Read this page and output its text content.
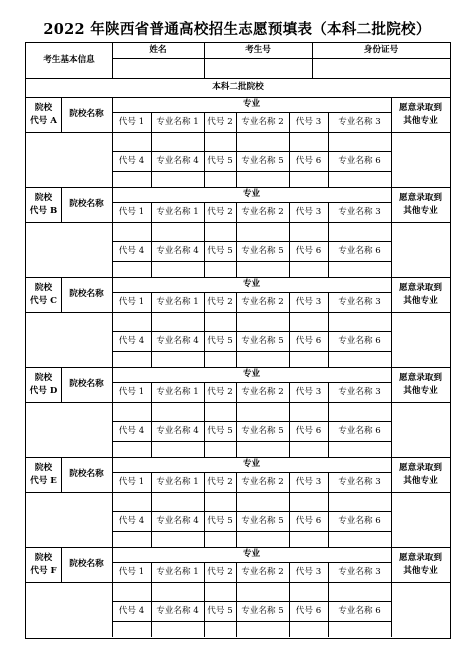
2022 年陕西省普通高校招生志愿预填表（本科二批院校）
考生基本信息
姓名	考生号	身份证号
本科二批院校
院校
代号 A
院校名称
专业	愿意录取到
其他专业
代号 1	专业名称 1 代号 2 专业名称 2	代号 3	专业名称 3
代号 4	专业名称 4 代号 5 专业名称 5	代号 6	专业名称 6
院校
代号 B
院校名称
专业	愿意录取到
其他专业
代号 1	专业名称 1 代号 2 专业名称 2	代号 3	专业名称 3
代号 4	专业名称 4 代号 5 专业名称 5	代号 6	专业名称 6
院校
代号 C
院校名称
专业	愿意录取到
其他专业
代号 1	专业名称 1 代号 2 专业名称 2	代号 3	专业名称 3
代号 4	专业名称 4 代号 5 专业名称 5	代号 6	专业名称 6
院校
代号 D
院校名称
专业	愿意录取到
其他专业
代号 1	专业名称 1 代号 2 专业名称 2	代号 3	专业名称 3
代号 4	专业名称 4 代号 5 专业名称 5	代号 6	专业名称 6
院校
代号 E
院校名称
专业	愿意录取到
其他专业
代号 1	专业名称 1 代号 2 专业名称 2	代号 3	专业名称 3
代号 4	专业名称 4 代号 5 专业名称 5	代号 6	专业名称 6
院校
代号 F
院校名称
专业	愿意录取到
其他专业
代号 1	专业名称 1 代号 2 专业名称 2	代号 3	专业名称 3
代号 4	专业名称 4 代号 5 专业名称 5	代号 6	专业名称 6
